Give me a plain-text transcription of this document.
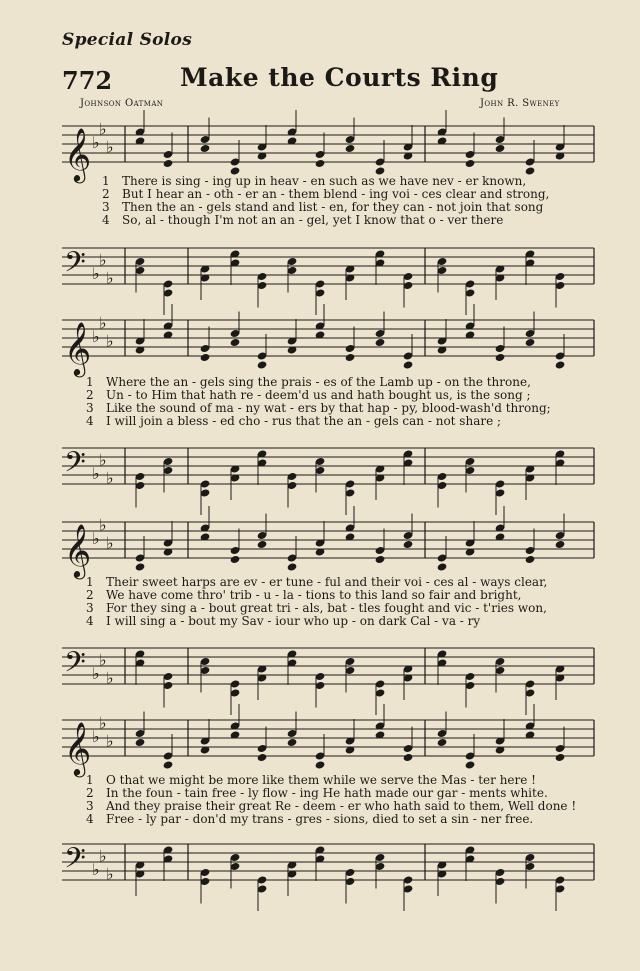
Special Solos
772	Make the Courts Ring
Johnson Oatman	John R. Sweney
𝄞 ♭
♭
♭
1 There is sing - ing up in heav - en such as we have nev - er known,
2 But I hear an - oth - er an - them blend - ing voi - ces clear and strong,
3 Then the an - gels stand and list - en, for they can - not join that song
4 So, al - though I'm not an an - gel, yet I know that o - ver there
𝄢 ♭
♭
♭
𝄞 ♭
♭
♭
1 Where the an - gels sing the prais - es of the Lamb up - on the throne,
2 Un - to Him that hath re - deem'd us and hath bought us, is the song ;
3 Like the sound of ma - ny wat - ers by that hap - py, blood-wash'd throng;
4 I will join a bless - ed cho - rus that the an - gels can - not share ;
𝄢 ♭
♭
♭
𝄞 ♭
♭
♭
1 Their sweet harps are ev - er tune - ful and their voi - ces al - ways clear,
2 We have come thro' trib - u - la - tions to this land so fair and bright,
3 For they sing a - bout great tri - als, bat - tles fought and vic - t'ries won,
4 I will sing a - bout my Sav - iour who up - on dark Cal - va - ry
𝄢 ♭
♭
♭
𝄞 ♭
♭
♭
1 O that we might be more like them while we serve the Mas - ter here !
2 In the foun - tain free - ly flow - ing He hath made our gar - ments white.
3 And they praise their great Re - deem - er who hath said to them, Well done !
4 Free - ly par - don'd my trans - gres - sions, died to set a sin - ner free.
𝄢 ♭
♭
♭
